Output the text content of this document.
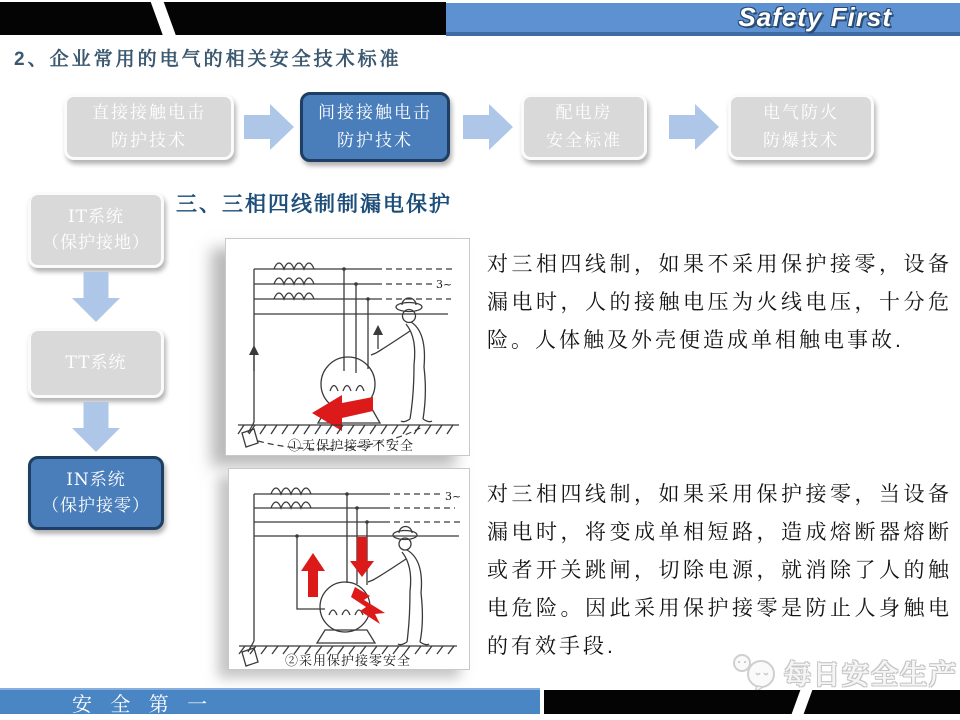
Safety First
2、企业常用的电气的相关安全技术标准
直接接触电击
防护技术
间接接触电击
防护技术
配电房
安全标准
电气防火
防爆技术
IT系统
（保护接地）
TT系统
IN系统
（保护接零）
三、三相四线制制漏电保护
3~
①无保护接零不安全
对三相四线制，如果不采用保护接零，设备漏电时，人的接触电压为火线电压，十分危险。人体触及外壳便造成单相触电事故.
3~
②采用保护接零安全
对三相四线制，如果采用保护接零，当设备漏电时，将变成单相短路，造成熔断器熔断或者开关跳闸，切除电源，就消除了人的触电危险。因此采用保护接零是防止人身触电的有效手段.
每日安全生产
安 全 第 一
